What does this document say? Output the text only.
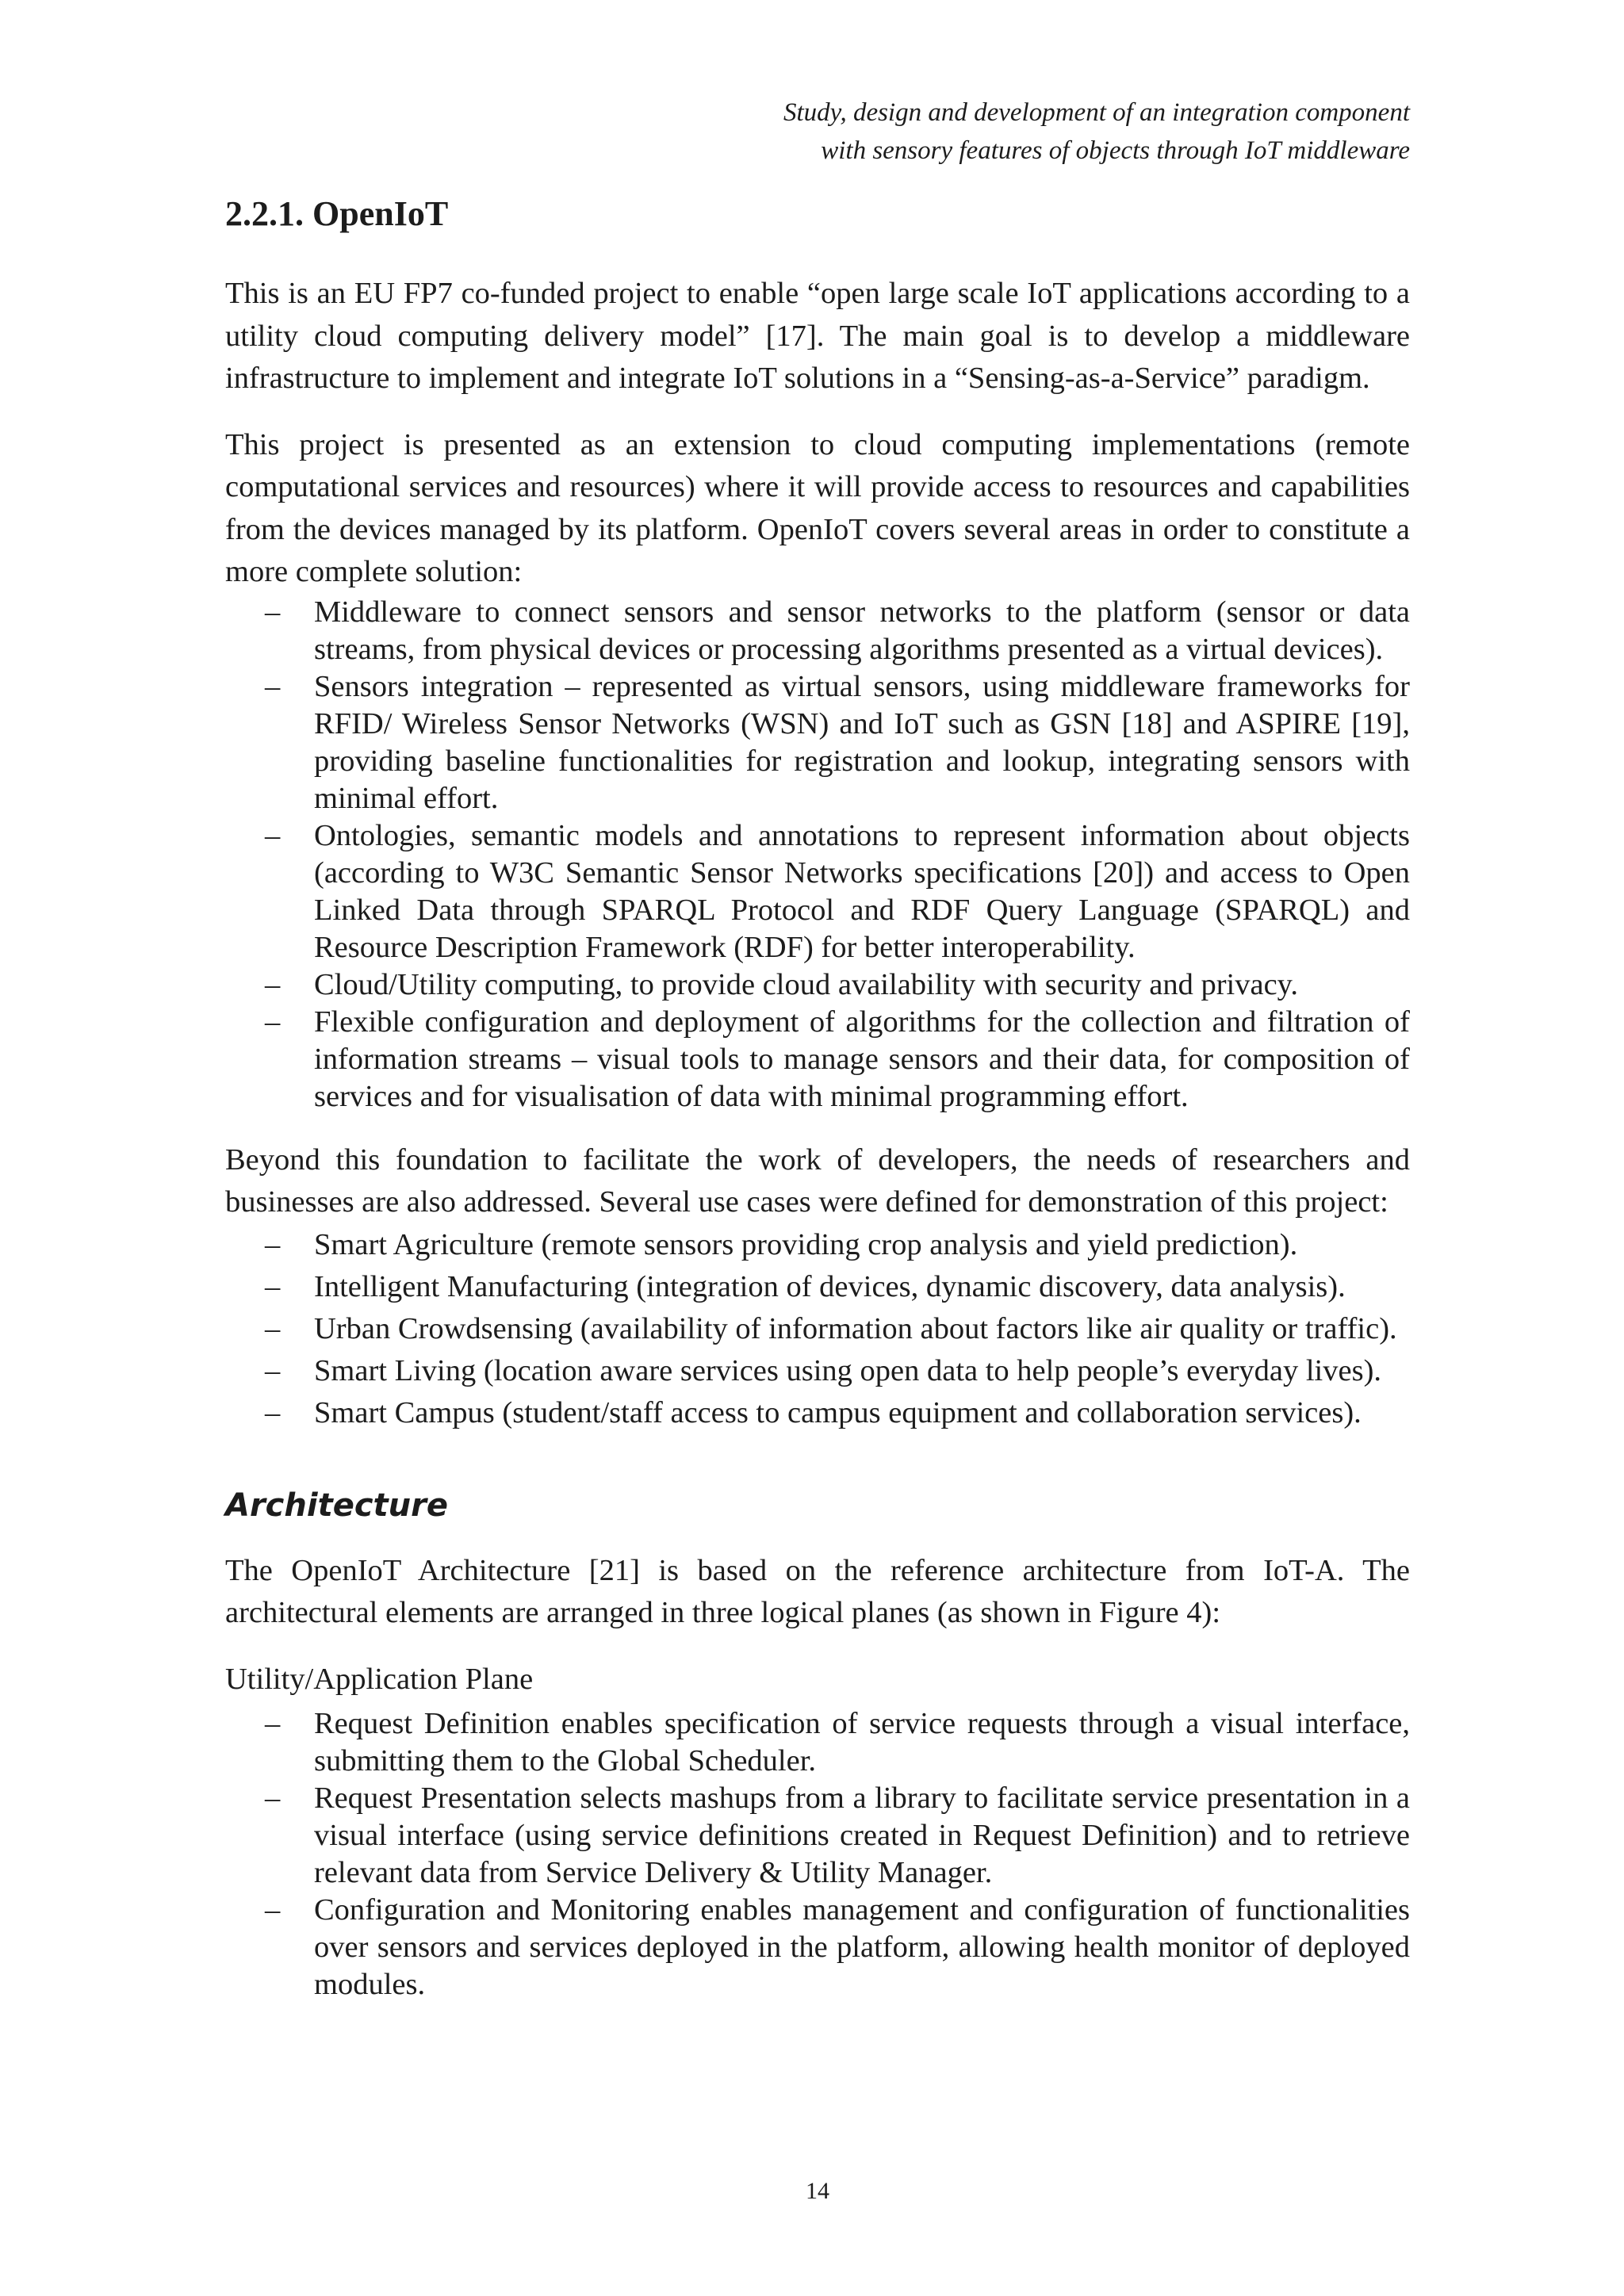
Study, design and development of an integration component
with sensory features of objects through IoT middleware
2.2.1. OpenIoT

This is an EU FP7 co-funded project to enable “open large scale IoT applications according to a utility cloud computing delivery model” [17]. The main goal is to develop a middleware infrastructure to implement and integrate IoT solutions in a “Sensing-as-a-Service” paradigm.

This project is presented as an extension to cloud computing implementations (remote computational services and resources) where it will provide access to resources and capabilities from the devices managed by its platform. OpenIoT covers several areas in order to constitute a more complete solution:

– Middleware to connect sensors and sensor networks to the platform (sensor or data streams, from physical devices or processing algorithms presented as a virtual devices).
– Sensors integration – represented as virtual sensors, using middleware frameworks for RFID/ Wireless Sensor Networks (WSN) and IoT such as GSN [18] and ASPIRE [19], providing baseline functionalities for registration and lookup, integrating sensors with minimal effort.
– Ontologies, semantic models and annotations to represent information about objects (according to W3C Semantic Sensor Networks specifications [20]) and access to Open Linked Data through SPARQL Protocol and RDF Query Language (SPARQL) and Resource Description Framework (RDF) for better interoperability.
– Cloud/Utility computing, to provide cloud availability with security and privacy.
– Flexible configuration and deployment of algorithms for the collection and filtration of information streams – visual tools to manage sensors and their data, for composition of services and for visualisation of data with minimal programming effort.

Beyond this foundation to facilitate the work of developers, the needs of researchers and businesses are also addressed. Several use cases were defined for demonstration of this project:

– Smart Agriculture (remote sensors providing crop analysis and yield prediction).
– Intelligent Manufacturing (integration of devices, dynamic discovery, data analysis).
– Urban Crowdsensing (availability of information about factors like air quality or traffic).
– Smart Living (location aware services using open data to help people’s everyday lives).
– Smart Campus (student/staff access to campus equipment and collaboration services).
Architecture

The OpenIoT Architecture [21] is based on the reference architecture from IoT-A. The architectural elements are arranged in three logical planes (as shown in Figure 4):

Utility/Application Plane
– Request Definition enables specification of service requests through a visual interface, submitting them to the Global Scheduler.
– Request Presentation selects mashups from a library to facilitate service presentation in a visual interface (using service definitions created in Request Definition) and to retrieve relevant data from Service Delivery & Utility Manager.
– Configuration and Monitoring enables management and configuration of functionalities over sensors and services deployed in the platform, allowing health monitor of deployed modules.
14
